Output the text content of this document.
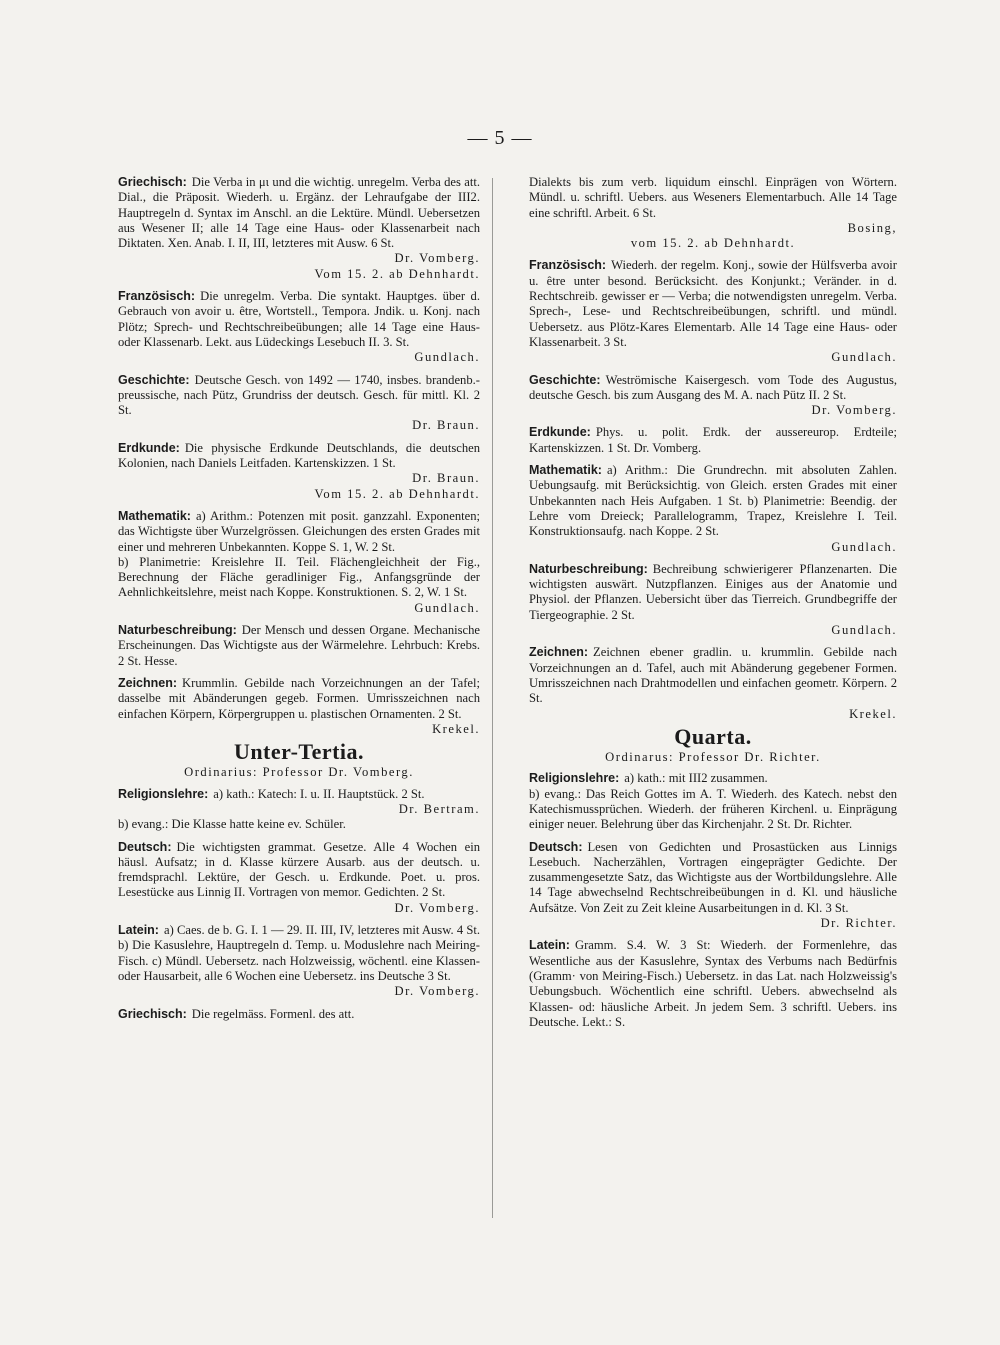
— 5 —
Griechisch: Die Verba in μι und die wichtig. unregelm. Verba des att. Dial., die Präposit. Wiederh. u. Ergänz. der Lehraufgabe der III2. Hauptregeln d. Syntax im Anschl. an die Lektüre. Mündl. Uebersetzen aus Wesener II; alle 14 Tage eine Haus- oder Klassenarbeit nach Diktaten. Xen. Anab. I. II, III, letzteres mit Ausw. 6 St.
Dr. Vomberg.
Vom 15. 2. ab Dehnhardt.
Französisch: Die unregelm. Verba. Die syntakt. Hauptges. über d. Gebrauch von avoir u. être, Wortstell., Tempora. Jndik. u. Konj. nach Plötz; Sprech- und Rechtschreibeübungen; alle 14 Tage eine Haus- oder Klassenarb. Lekt. aus Lüdeckings Lesebuch II. 3. St.
Gundlach.
Geschichte: Deutsche Gesch. von 1492 — 1740, insbes. brandenb.- preussische, nach Pütz, Grundriss der deutsch. Gesch. für mittl. Kl. 2 St.
Dr. Braun.
Erdkunde: Die physische Erdkunde Deutschlands, die deutschen Kolonien, nach Daniels Leitfaden. Kartenskizzen. 1 St.
Dr. Braun.
Vom 15. 2. ab Dehnhardt.
Mathematik: a) Arithm.: Potenzen mit posit. ganzzahl. Exponenten; das Wichtigste über Wurzelgrössen. Gleichungen des ersten Grades mit einer und mehreren Unbekannten. Koppe S. 1, W. 2 St.
b) Planimetrie: Kreislehre II. Teil. Flächengleichheit der Fig., Berechnung der Fläche geradliniger Fig., Anfangsgründe der Aehnlichkeitslehre, meist nach Koppe. Konstruktionen. S. 2, W. 1 St.
Gundlach.
Naturbeschreibung: Der Mensch und dessen Organe. Mechanische Erscheinungen. Das Wichtigste aus der Wärmelehre. Lehrbuch: Krebs. 2 St. Hesse.
Zeichnen: Krummlin. Gebilde nach Vorzeichnungen an der Tafel; dasselbe mit Abänderungen gegeb. Formen. Umrisszeichnen nach einfachen Körpern, Körpergruppen u. plastischen Ornamenten. 2 St.
Krekel.
Unter-Tertia.
Ordinarius: Professor Dr. Vomberg.
Religionslehre: a) kath.: Katech: I. u. II. Hauptstück. 2 St.
Dr. Bertram.
b) evang.: Die Klasse hatte keine ev. Schüler.
Deutsch: Die wichtigsten grammat. Gesetze. Alle 4 Wochen ein häusl. Aufsatz; in d. Klasse kürzere Ausarb. aus der deutsch. u. fremdsprachl. Lektüre, der Gesch. u. Erdkunde. Poet. u. pros. Lesestücke aus Linnig II. Vortragen von memor. Gedichten. 2 St.
Dr. Vomberg.
Latein: a) Caes. de b. G. I. 1 — 29. II. III, IV, letzteres mit Ausw. 4 St. b) Die Kasuslehre, Hauptregeln d. Temp. u. Moduslehre nach Meiring-Fisch. c) Mündl. Uebersetz. nach Holzweissig, wöchentl. eine Klassen- oder Hausarbeit, alle 6 Wochen eine Uebersetz. ins Deutsche 3 St.
Dr. Vomberg.
Griechisch: Die regelmäss. Formenl. des att.
Dialekts bis zum verb. liquidum einschl. Einprägen von Wörtern. Mündl. u. schriftl. Uebers. aus Weseners Elementarbuch. Alle 14 Tage eine schriftl. Arbeit. 6 St.
Bosing,
vom 15. 2. ab Dehnhardt.
Französisch: Wiederh. der regelm. Konj., sowie der Hülfsverba avoir u. être unter besond. Berücksicht. des Konjunkt.; Veränder. in d. Rechtschreib. gewisser er — Verba; die notwendigsten unregelm. Verba. Sprech-, Lese- und Rechtschreibeübungen, schriftl. und mündl. Uebersetz. aus Plötz-Kares Elementarb. Alle 14 Tage eine Haus- oder Klassenarbeit. 3 St.
Gundlach.
Geschichte: Weströmische Kaisergesch. vom Tode des Augustus, deutsche Gesch. bis zum Ausgang des M. A. nach Pütz II. 2 St.
Dr. Vomberg.
Erdkunde: Phys. u. polit. Erdk. der aussereurop. Erdteile; Kartenskizzen. 1 St. Dr. Vomberg.
Mathematik: a) Arithm.: Die Grundrechn. mit absoluten Zahlen. Uebungsaufg. mit Berücksichtig. von Gleich. ersten Grades mit einer Unbekannten nach Heis Aufgaben. 1 St. b) Planimetrie: Beendig. der Lehre vom Dreieck; Parallelogramm, Trapez, Kreislehre I. Teil. Konstruktionsaufg. nach Koppe. 2 St.
Gundlach.
Naturbeschreibung: Bechreibung schwierigerer Pflanzenarten. Die wichtigsten auswärt. Nutzpflanzen. Einiges aus der Anatomie und Physiol. der Pflanzen. Uebersicht über das Tierreich. Grundbegriffe der Tiergeographie. 2 St.
Gundlach.
Zeichnen: Zeichnen ebener gradlin. u. krummlin. Gebilde nach Vorzeichnungen an d. Tafel, auch mit Abänderung gegebener Formen. Umrisszeichnen nach Drahtmodellen und einfachen geometr. Körpern. 2 St.
Krekel.
Quarta.
Ordinarus: Professor Dr. Richter.
Religionslehre: a) kath.: mit III2 zusammen.
b) evang.: Das Reich Gottes im A. T. Wiederh. des Katech. nebst den Katechismussprüchen. Wiederh. der früheren Kirchenl. u. Einprägung einiger neuer. Belehrung über das Kirchenjahr. 2 St. Dr. Richter.
Deutsch: Lesen von Gedichten und Prosastücken aus Linnigs Lesebuch. Nacherzählen, Vortragen eingeprägter Gedichte. Der zusammengesetzte Satz, das Wichtigste aus der Wortbildungslehre. Alle 14 Tage abwechselnd Rechtschreibeübungen in d. Kl. und häusliche Aufsätze. Von Zeit zu Zeit kleine Ausarbeitungen in d. Kl. 3 St.
Dr. Richter.
Latein: Gramm. S.4. W. 3 St: Wiederh. der Formenlehre, das Wesentliche aus der Kasuslehre, Syntax des Verbums nach Bedürfnis (Gramm· von Meiring-Fisch.) Uebersetz. in das Lat. nach Holzweissig's Uebungsbuch. Wöchentlich eine schriftl. Uebers. abwechselnd als Klassen- od: häusliche Arbeit. Jn jedem Sem. 3 schriftl. Uebers. ins Deutsche. Lekt.: S.
